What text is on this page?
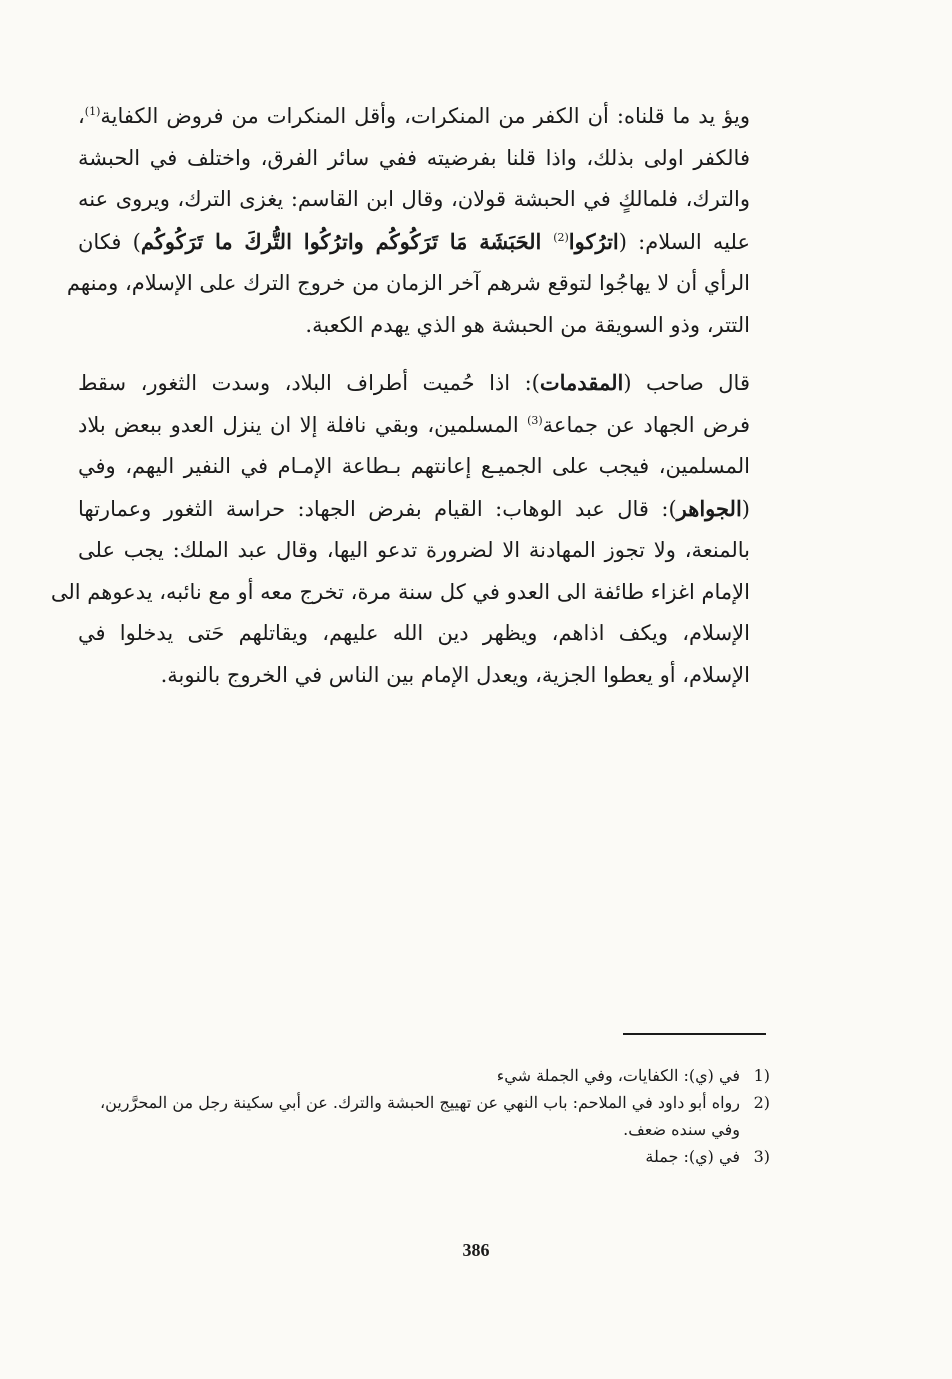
ويؤ يد ما قلناه: أن الكفر من المنكرات، وأقل المنكرات من فروض الكفاية$^{(1)}$،
فالكفر اولى بذلك، واذا قلنا بفرضيته ففي سائر الفرق، واختلف في الحبشة
والترك، فلمالكٍ في الحبشة قولان، وقال ابن القاسم: يغزى الترك، ويروى عنه
عليه السلام: (اترُكوا$^{(2)}$ الحَبَشَة مَا تَرَكُوكُم واترُكُوا التُّركَ ما تَرَكُوكُم) فكان
الرأي أن لا يهاجُوا لتوقع شرهم آخر الزمان من خروج الترك على الإسلام، ومنهم
التتر، وذو السويقة من الحبشة هو الذي يهدم الكعبة.
قال صاحب (المقدمات): اذا حُميت أطراف البلاد، وسدت الثغور، سقط
فرض الجهاد عن جماعة$^{(3)}$ المسلمين، وبقي نافلة إلا ان ينزل العدو ببعض بلاد
المسلمين، فيجب على الجميـع إعانتهم بـطاعة الإمـام في النفير اليهم، وفي
(الجواهر): قال عبد الوهاب: القيام بفرض الجهاد: حراسة الثغور وعمارتها
بالمنعة، ولا تجوز المهادنة الا لضرورة تدعو اليها، وقال عبد الملك: يجب على
الإمام اغزاء طائفة الى العدو في كل سنة مرة، تخرج معه أو مع نائبه، يدعوهم الى
الإسلام، ويكف اذاهم، ويظهر دين الله عليهم، ويقاتلهم حَتى يدخلوا في
الإسلام، أو يعطوا الجزية، ويعدل الإمام بين الناس في الخروج بالنوبة.
1)
في (ي): الكفايات، وفي الجملة شيء
2)
رواه أبو داود في الملاحم: باب النهي عن تهييج الحبشة والترك. عن أبي سكينة رجل من المحرَّرين، وفي سنده ضعف.
3)
في (ي): جملة
386
